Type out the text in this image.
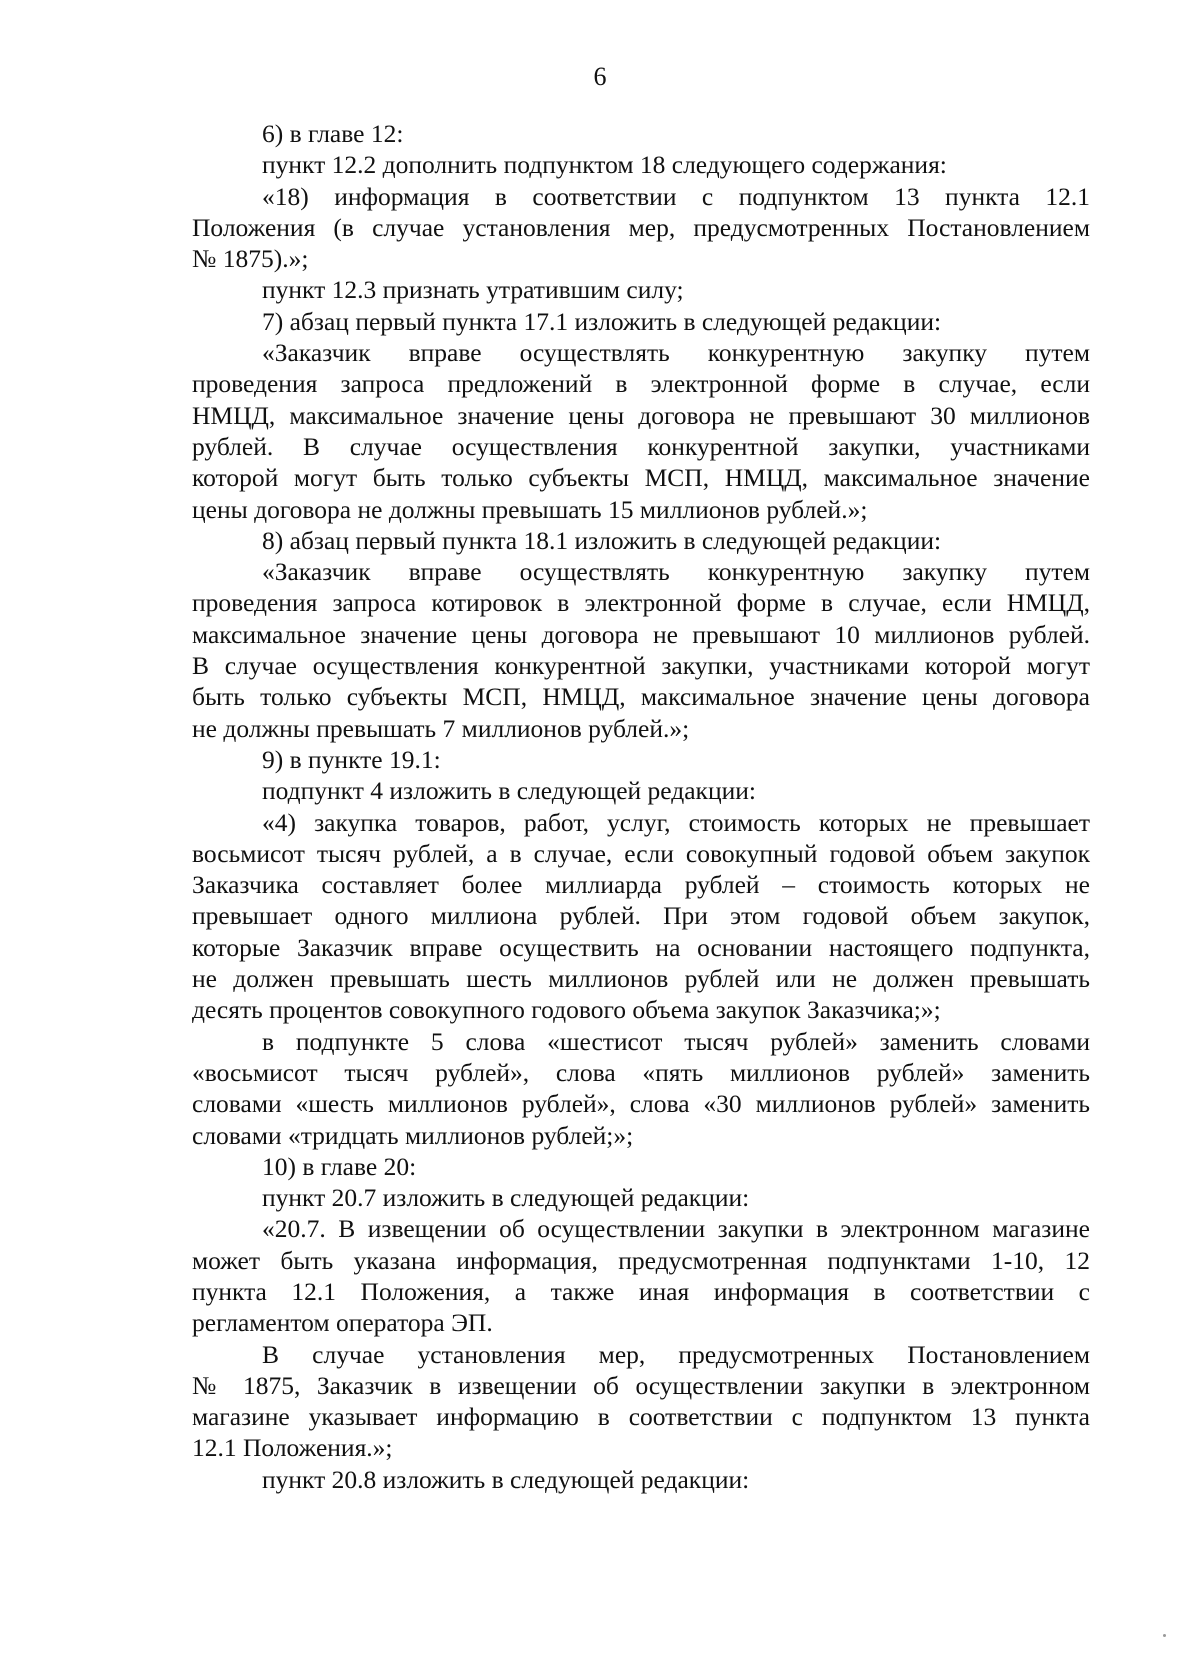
6
6) в главе 12:
пункт 12.2 дополнить подпунктом 18 следующего содержания:
«18) информация в соответствии с подпунктом 13 пункта 12.1
Положения (в случае установления мер, предусмотренных Постановлением
№ 1875).»;
пункт 12.3 признать утратившим силу;
7) абзац первый пункта 17.1 изложить в следующей редакции:
«Заказчик вправе осуществлять конкурентную закупку путем
проведения запроса предложений в электронной форме в случае, если
НМЦД, максимальное значение цены договора не превышают 30 миллионов
рублей. В случае осуществления конкурентной закупки, участниками
которой могут быть только субъекты МСП, НМЦД, максимальное значение
цены договора не должны превышать 15 миллионов рублей.»;
8) абзац первый пункта 18.1 изложить в следующей редакции:
«Заказчик вправе осуществлять конкурентную закупку путем
проведения запроса котировок в электронной форме в случае, если НМЦД,
максимальное значение цены договора не превышают 10 миллионов рублей.
В случае осуществления конкурентной закупки, участниками которой могут
быть только субъекты МСП, НМЦД, максимальное значение цены договора
не должны превышать 7 миллионов рублей.»;
9) в пункте 19.1:
подпункт 4 изложить в следующей редакции:
«4) закупка товаров, работ, услуг, стоимость которых не превышает
восьмисот тысяч рублей, а в случае, если совокупный годовой объем закупок
Заказчика составляет более миллиарда рублей – стоимость которых не
превышает одного миллиона рублей. При этом годовой объем закупок,
которые Заказчик вправе осуществить на основании настоящего подпункта,
не должен превышать шесть миллионов рублей или не должен превышать
десять процентов совокупного годового объема закупок Заказчика;»;
в подпункте 5 слова «шестисот тысяч рублей» заменить словами
«восьмисот тысяч рублей», слова «пять миллионов рублей» заменить
словами «шесть миллионов рублей», слова «30 миллионов рублей» заменить
словами «тридцать миллионов рублей;»;
10) в главе 20:
пункт 20.7 изложить в следующей редакции:
«20.7. В извещении об осуществлении закупки в электронном магазине
может быть указана информация, предусмотренная подпунктами 1-10, 12
пункта 12.1 Положения, а также иная информация в соответствии с
регламентом оператора ЭП.
В случае установления мер, предусмотренных Постановлением
№ 1875, Заказчик в извещении об осуществлении закупки в электронном
магазине указывает информацию в соответствии с подпунктом 13 пункта
12.1 Положения.»;
пункт 20.8 изложить в следующей редакции:
